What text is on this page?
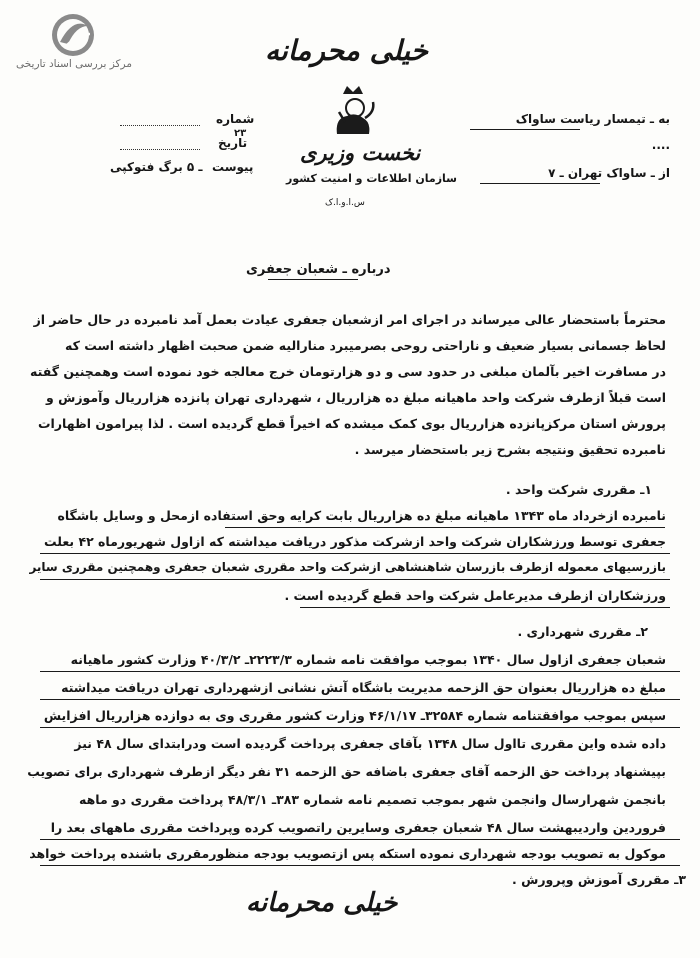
مرکز بررسی اسناد تاریخی	خیلی محرمانه
نخست وزیری
سازمان اطلاعات و امنیت کشور
س.ا.و.ا.ک
به ـ تیمسار ریاست ساواک
....
از ـ ساواک تهران ـ ۷
شماره
تاریخ
۲۳
پیوست
ـ ۵ برگ فتوکپی
درباره ـ شعبان جعفری
محترماً باستحضار عالی میرساند در اجرای امر ازشعبان جعفری عیادت بعمل آمد نامبرده در حال حاضر از
لحاظ جسمانی بسیار ضعیف و ناراحتی روحی بصرمیبرد منارالیه ضمن صحبت اظهار داشته است که
در مسافرت اخیر بآلمان مبلغی در حدود سی و دو هزارتومان خرج معالجه خود نموده است وهمچنین گفته
است قبلاً ازطرف شرکت واحد ماهیانه مبلغ ده هزارریال ، شهرداری تهران پانزده هزارریال وآموزش و
پرورش استان مرکزپانزده هزارریال بوی کمک میشده که اخیراً قطع گردیده است . لذا پیرامون اظهارات
نامبرده تحقیق ونتیجه بشرح زیر باستحضار میرسد .
۱ـ مقرری شرکت واحد .
نامبرده ازخرداد ماه ۱۳۴۳ ماهیانه مبلغ ده هزارریال بابت کرایه وحق استفاده ازمحل و وسایل باشگاه
جعفری توسط ورزشکاران شرکت واحد ازشرکت مذکور دریافت میداشته که ازاول شهریورماه ۴۲ بعلت
بازرسیهای معموله ازطرف بازرسان شاهنشاهی ازشرکت واحد مقرری شعبان جعفری وهمچنین مقرری سایر
ورزشکاران ازطرف مدیرعامل شرکت واحد قطع گردیده است .
۲ـ مقرری شهرداری .
شعبان جعفری ازاول سال ۱۳۴۰ بموجب موافقت نامه شماره ۲۲۲۳/۳ـ ۴۰/۳/۲ وزارت کشور ماهیانه
مبلغ ده هزارریال بعنوان حق الزحمه مدیریت باشگاه آتش نشانی ازشهرداری تهران دریافت میداشته
سپس بموجب موافقتنامه شماره ۳۲۵۸۴ـ ۴۶/۱/۱۷ وزارت کشور مقرری وی به دوازده هزارریال افزایش
داده شده واین مقرری تااول سال ۱۳۴۸ بآقای جعفری پرداخت گردیده است ودرابتدای سال ۴۸ نیز
بپیشنهاد پرداخت حق الزحمه آقای جعفری باضافه حق الزحمه ۳۱ نفر دیگر ازطرف شهرداری برای تصویب
بانجمن شهرارسال وانجمن شهر بموجب تصمیم نامه شماره ۳۸۳ـ ۴۸/۳/۱ پرداخت مقرری دو ماهه
فروردین واردیبهشت سال ۴۸ شعبان جعفری وسایرین راتصویب کرده وپرداخت مقرری ماههای بعد را
موکول به تصویب بودجه شهرداری نموده استکه پس ازتصویب بودجه منظورمقرری باشنده پرداخت خواهد
۳ـ مقرری آموزش وپرورش .
خیلی محرمانه
